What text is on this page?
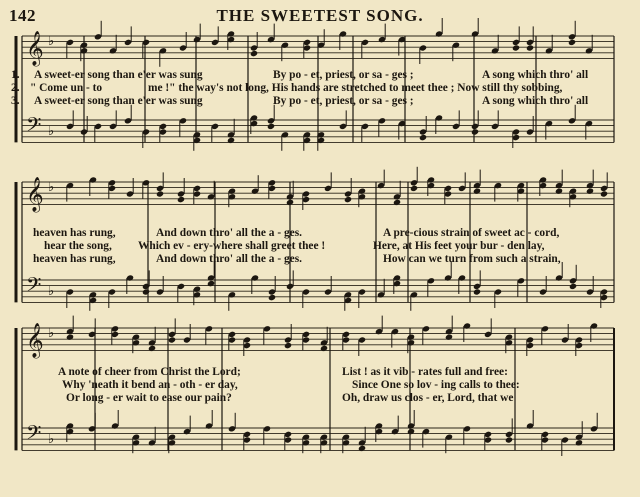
142	THE SWEETEST SONG.
𝄞 ♭
𝄢 ♭
𝄞 ♭
𝄢 ♭
𝄞 ♭
𝄢 ♭
1. A sweet-er song than e'er was sung	By po - et, priest, or sa - ges ;	A song which thro' all
2. " Come un - to	me !" the way's not long, His hands are stretched to meet thee ; Now still thy sobbing,
3. A sweet-er song than e'er was sung	By po - et, priest, or sa - ges ;	A song which thro' all
heaven has rung,	And down thro' all the a - ges.	A pre-cious strain of sweet ac - cord,
hear the song, Which ev - ery-where shall greet thee !	Here, at His feet your bur - den lay,
heaven has rung,	And down thro' all the a - ges.	How can we turn from such a strain,
A note of cheer from Christ the Lord;	List ! as it vib - rates full and free:
Why 'neath it bend an - oth - er day,	Since One so lov - ing calls to thee:
Or long - er wait to ease our pain?	Oh, draw us clos - er, Lord, that we
